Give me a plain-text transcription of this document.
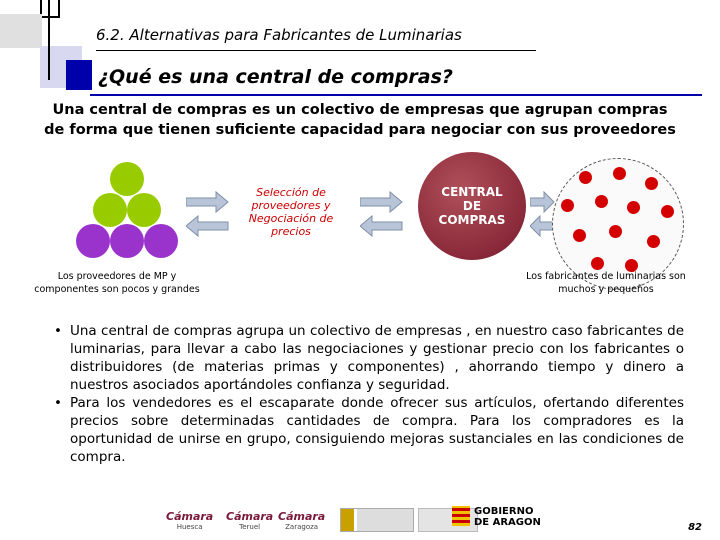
6.2. Alternativas para Fabricantes de Luminarias
¿Qué es una central de compras?
Una central de compras es un colectivo de empresas que agrupan compras
de forma que tienen suficiente capacidad para negociar con sus proveedores
Selección de proveedores y Negociación de precios
CENTRAL
DE
COMPRAS
Los proveedores de MP y componentes son pocos y grandes
Los fabricantes de luminarias son muchos y pequeños
• Una central de compras agrupa un colectivo de empresas , en nuestro caso fabricantes de luminarias, para llevar a cabo las negociaciones y gestionar precio con los fabricantes o distribuidores (de materias primas y componentes) , ahorrando tiempo y dinero a nuestros asociados aportándoles confianza y seguridad.
• Para los vendedores es el escaparate donde ofrecer sus artículos, ofertando diferentes precios sobre determinadas cantidades de compra. Para los compradores es la oportunidad de unirse en grupo, consiguiendo mejoras sustanciales en las condiciones de compra.
Cámara
Huesca
Cámara
Teruel
Cámara
Zaragoza
GOBIERNO
DE ARAGON	82
